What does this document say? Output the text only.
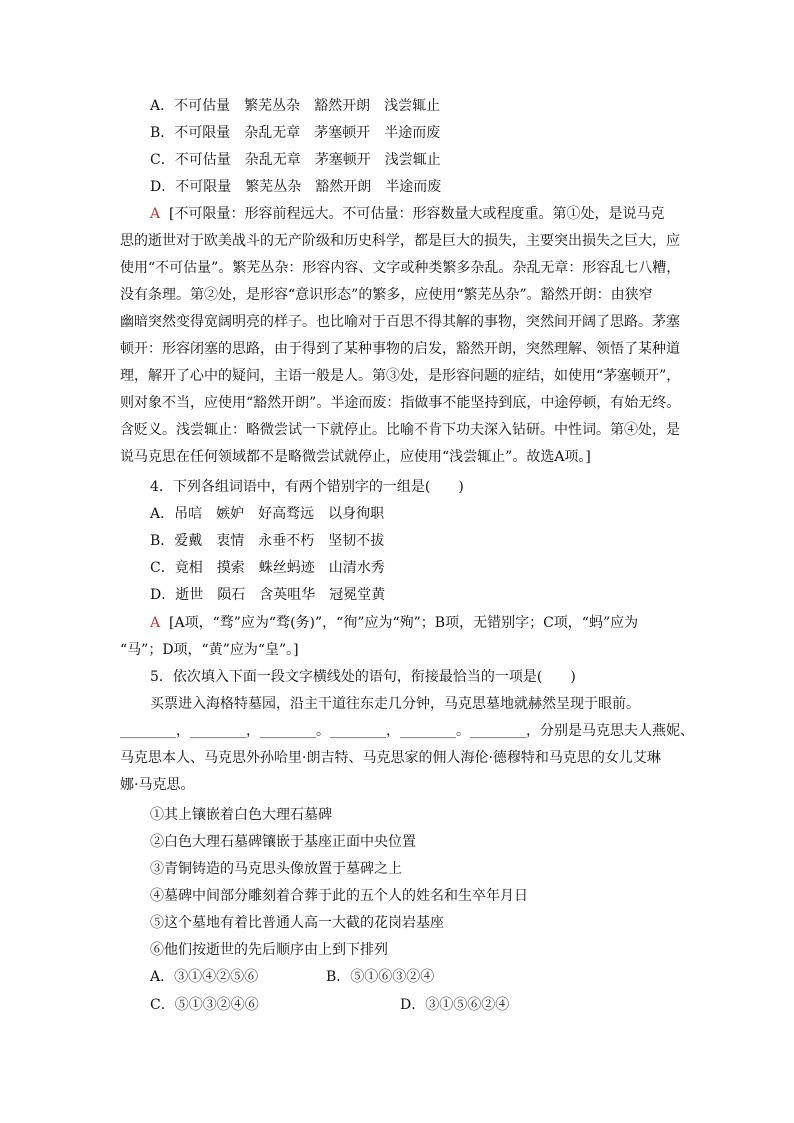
A．不可估量　繁芜丛杂　豁然开朗　浅尝辄止
B．不可限量　杂乱无章　茅塞顿开　半途而废
C．不可估量　杂乱无章　茅塞顿开　浅尝辄止
D．不可限量　繁芜丛杂　豁然开朗　半途而废
A [不可限量：形容前程远大。不可估量：形容数量大或程度重。第①处，是说马克
思的逝世对于欧美战斗的无产阶级和历史科学，都是巨大的损失，主要突出损失之巨大，应
使用“不可估量”。繁芜丛杂：形容内容、文字或种类繁多杂乱。杂乱无章：形容乱七八糟，
没有条理。第②处，是形容“意识形态”的繁多，应使用“繁芜丛杂”。豁然开朗：由狭窄
幽暗突然变得宽阔明亮的样子。也比喻对于百思不得其解的事物，突然间开阔了思路。茅塞
顿开：形容闭塞的思路，由于得到了某种事物的启发，豁然开朗，突然理解、领悟了某种道
理，解开了心中的疑问，主语一般是人。第③处，是形容问题的症结，如使用“茅塞顿开”，
则对象不当，应使用“豁然开朗”。半途而废：指做事不能坚持到底，中途停顿，有始无终。
含贬义。浅尝辄止：略微尝试一下就停止。比喻不肯下功夫深入钻研。中性词。第④处，是
说马克思在任何领域都不是略微尝试就停止，应使用“浅尝辄止”。故选A项。]
4．下列各组词语中，有两个错别字的一组是(　　)
A．吊唁　嫉妒　好高骛远　以身徇职
B．爱戴　衷情　永垂不朽　坚韧不拔
C．竟相　摸索　蛛丝蚂迹　山清水秀
D．逝世　陨石　含英咀华　冠冕堂黄
A [A项，“骛”应为“骛(务)”，“徇”应为“殉”；B项，无错别字；C项，“蚂”应为
“马”；D项，“黄”应为“皇”。]
5．依次填入下面一段文字横线处的语句，衔接最恰当的一项是(　　)
买票进入海格特墓园，沿主干道往东走几分钟，马克思墓地就赫然呈现于眼前。
________，________，________。________，________。________，分别是马克思夫人燕妮、
马克思本人、马克思外孙哈里·朗吉特、马克思家的佣人海伦·德穆特和马克思的女儿艾琳
娜·马克思。
①其上镶嵌着白色大理石墓碑
②白色大理石墓碑镶嵌于基座正面中央位置
③青铜铸造的马克思头像放置于墓碑之上
④墓碑中间部分雕刻着合葬于此的五个人的姓名和生卒年月日
⑤这个墓地有着比普通人高一大截的花岗岩基座
⑥他们按逝世的先后顺序由上到下排列
A．③①④②⑤⑥	B．⑤①⑥③②④
C．⑤①③②④⑥	D．③①⑤⑥②④
